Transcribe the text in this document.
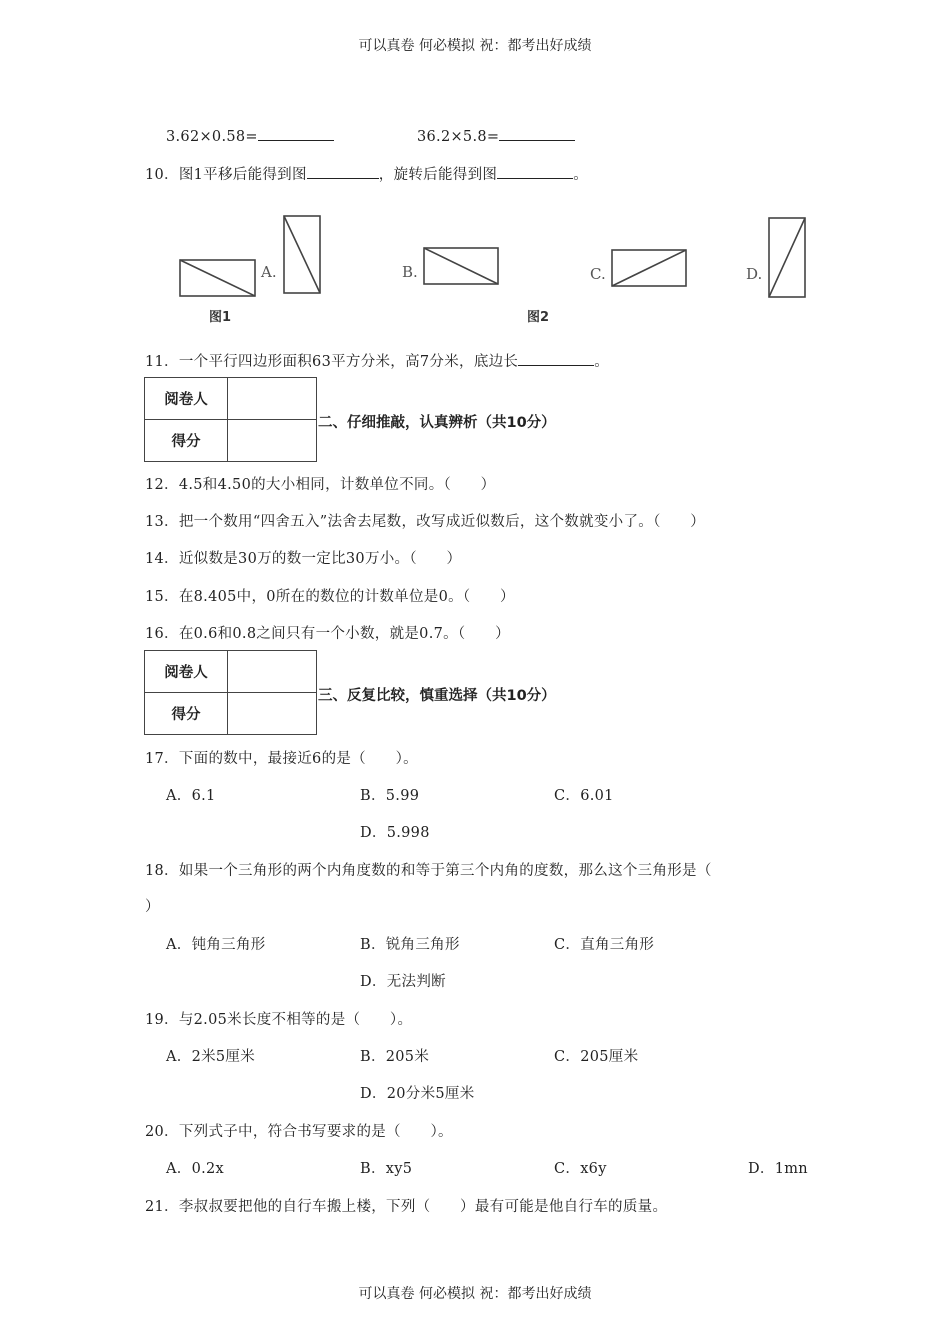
可以真卷 何必模拟 祝：都考出好成绩
3.62×0.58=	36.2×5.8=
10．图1平移后能得到图	，旋转后能得到图	。
A.	B.	C.	D.
图1	图2
11．一个平行四边形面积63平方分米，高7分米，底边长	。
阅卷人	
得分	
二、仔细推敲，认真辨析（共10分）
12．4.5和4.50的大小相同，计数单位不同。（　　）
13．把一个数用“四舍五入”法舍去尾数，改写成近似数后，这个数就变小了。（　　）
14．近似数是30万的数一定比30万小。（　　）
15．在8.405中，0所在的数位的计数单位是0。（　　）
16．在0.6和0.8之间只有一个小数，就是0.7。（　　）
阅卷人	
得分	
三、反复比较，慎重选择（共10分）
17．下面的数中，最接近6的是（　　）。
A．6.1	B．5.99	C．6.01
D．5.998
18．如果一个三角形的两个内角度数的和等于第三个内角的度数，那么这个三角形是（
）
A．钝角三角形	B．锐角三角形	C．直角三角形
D．无法判断
19．与2.05米长度不相等的是（　　）。
A．2米5厘米	B．205米	C．205厘米
D．20分米5厘米
20．下列式子中，符合书写要求的是（　　）。
A．0.2x	B．xy5	C．x6y	D．1mn
21．李叔叔要把他的自行车搬上楼，下列（　　）最有可能是他自行车的质量。
可以真卷 何必模拟 祝：都考出好成绩
